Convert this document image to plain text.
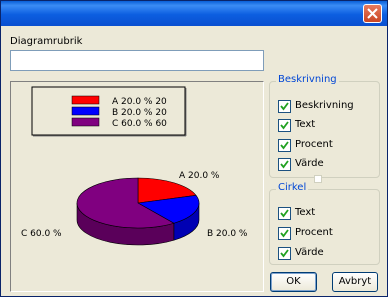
Diagramrubrik
A 20.0 % 20
B 20.0 % 20
C 60.0 % 60
A 20.0 %
B 20.0 %
C 60.0 %
Beskrivning
Beskrivning
Text
Procent
Värde
Cirkel
Text
Procent
Värde
OK	Avbryt
